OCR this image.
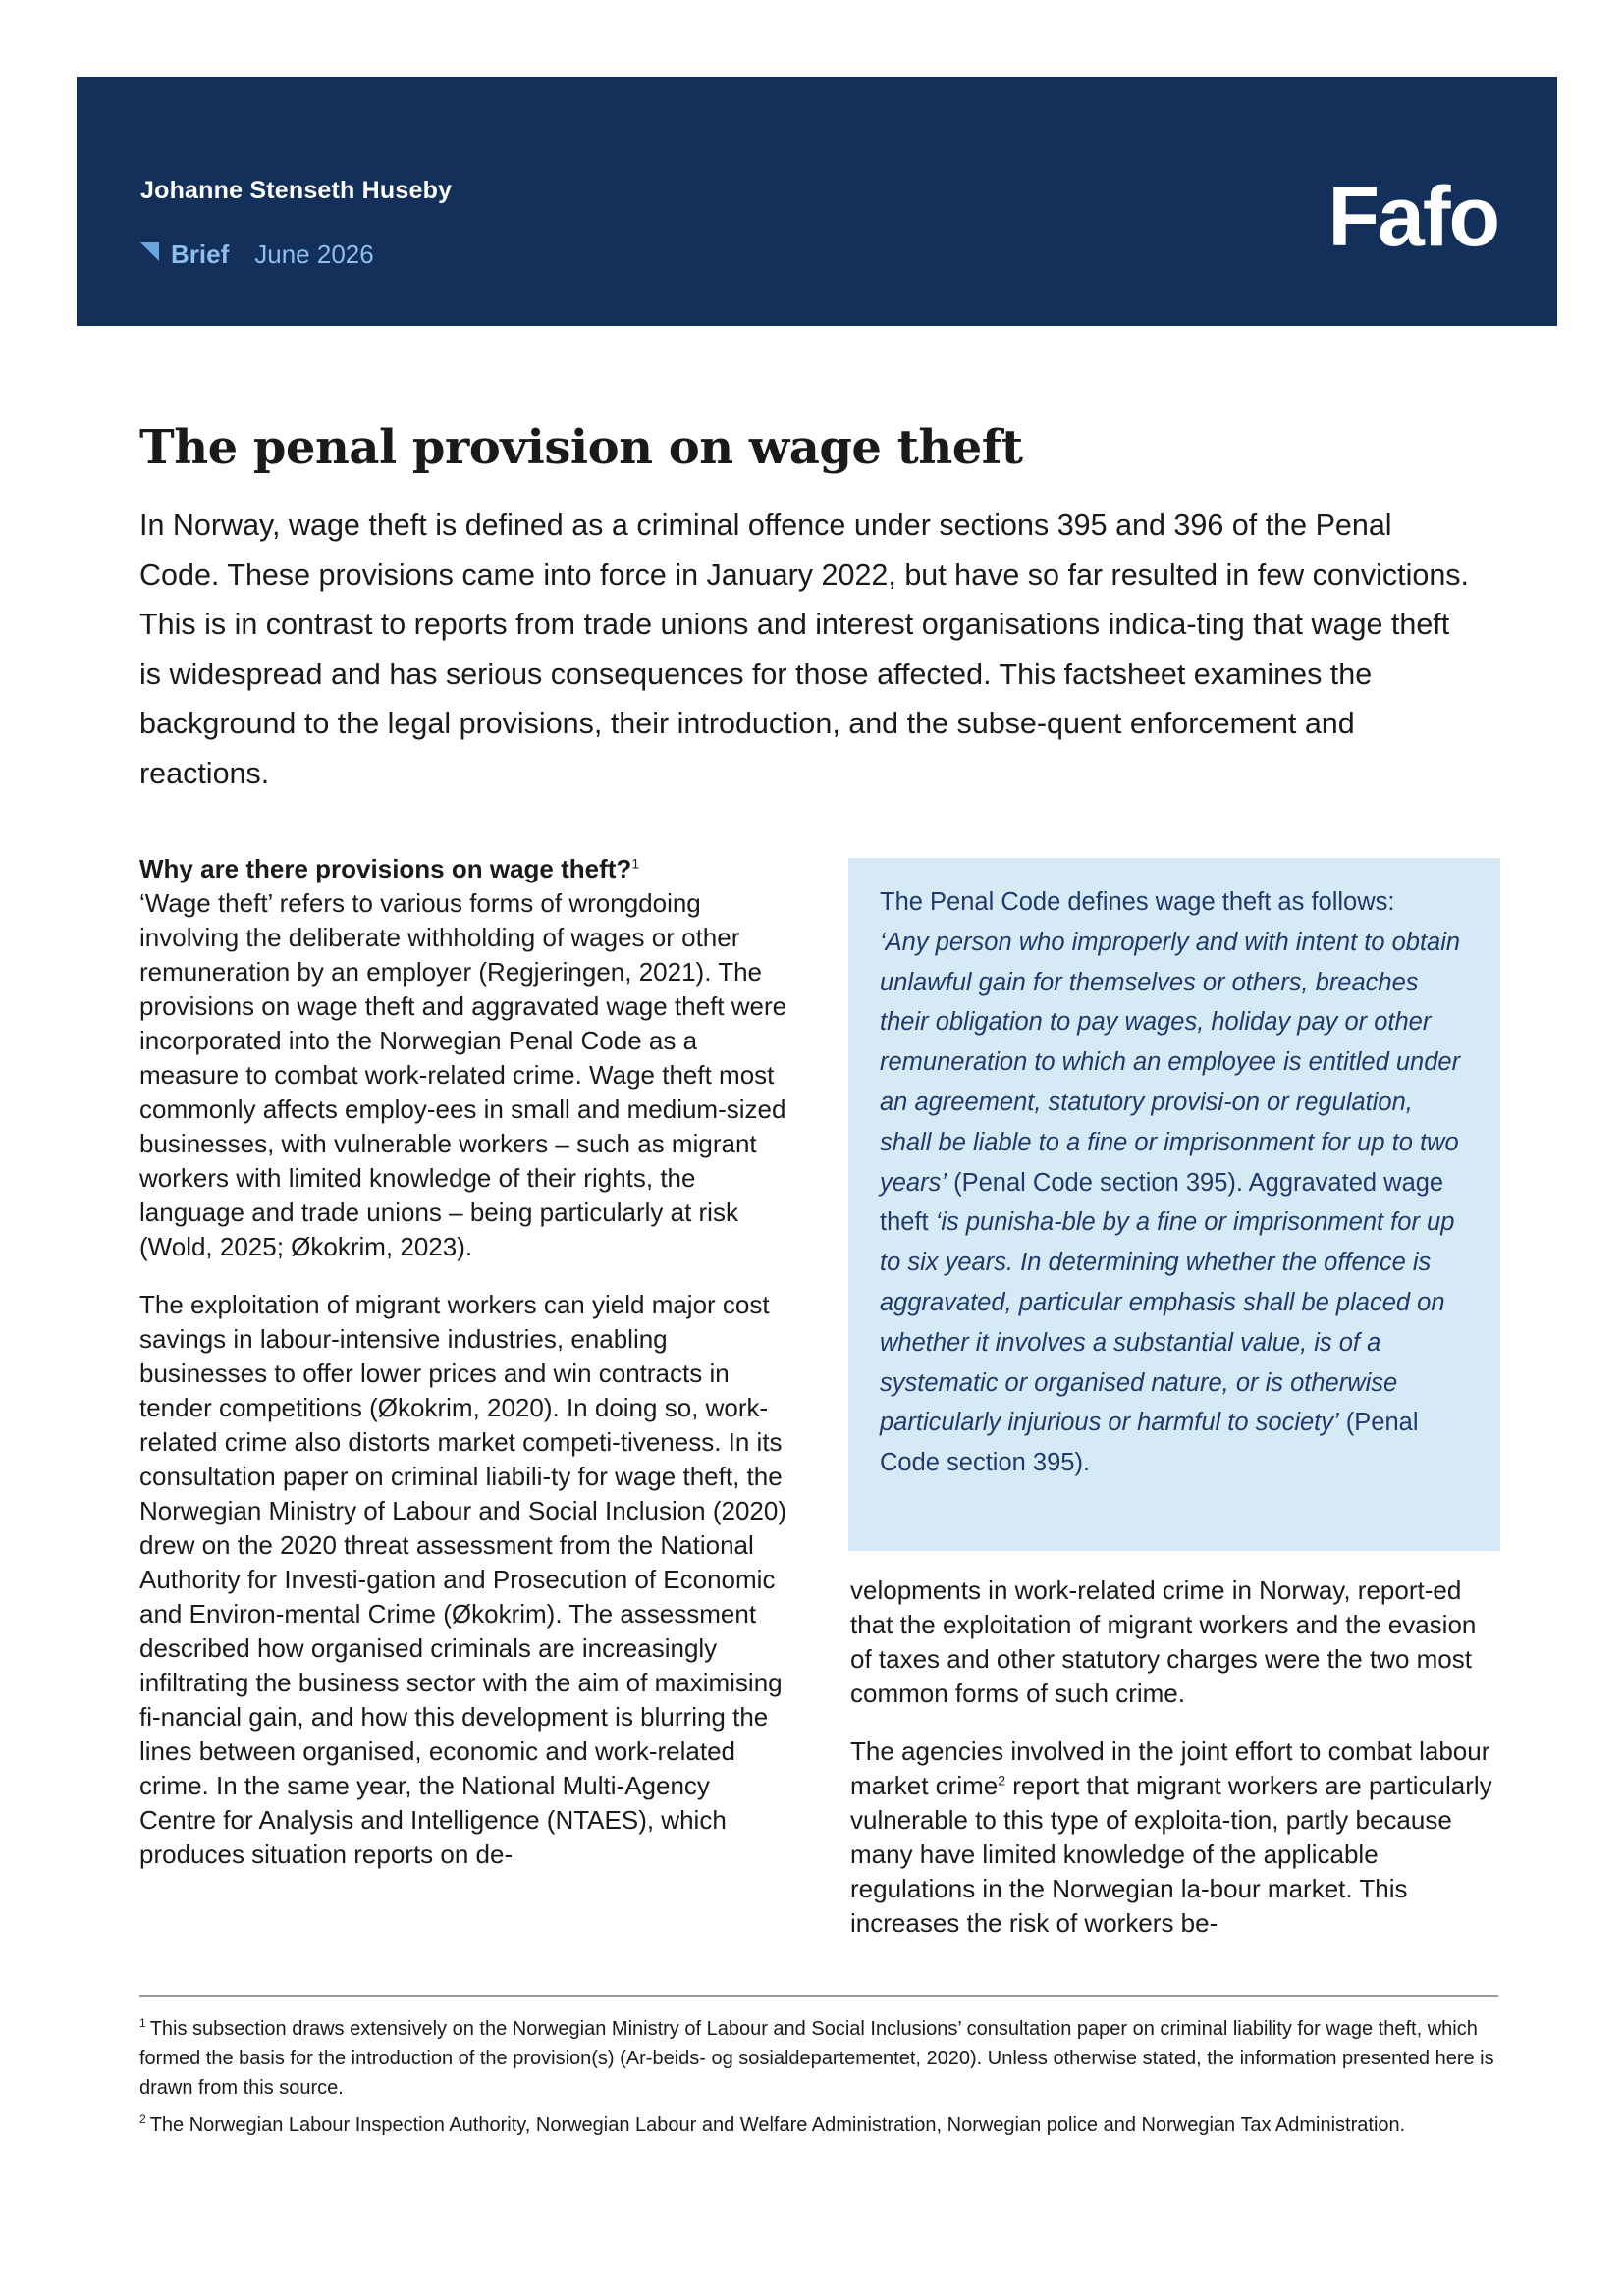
Johanne Stenseth Huseby
Brief June 2026	Fafo
The penal provision on wage theft

In Norway, wage theft is defined as a criminal offence under sections 395 and 396 of the Penal Code. These provisions came into force in January 2022, but have so far resulted in few convictions. This is in contrast to reports from trade unions and interest organisations indica-ting that wage theft is widespread and has serious consequences for those affected. This factsheet examines the background to the legal provisions, their introduction, and the subse-quent enforcement and reactions.

Why are there provisions on wage theft?$^1$

‘Wage theft’ refers to various forms of wrongdoing involving the deliberate withholding of wages or other remuneration by an employer (Regjeringen, 2021). The provisions on wage theft and aggravated wage theft were incorporated into the Norwegian Penal Code as a measure to combat work-related crime. Wage theft most commonly affects employ-ees in small and medium-sized businesses, with vulnerable workers – such as migrant workers with limited knowledge of their rights, the language and trade unions – being particularly at risk (Wold, 2025; Økokrim, 2023).

The exploitation of migrant workers can yield major cost savings in labour-intensive industries, enabling businesses to offer lower prices and win contracts in tender competitions (Økokrim, 2020). In doing so, work-related crime also distorts market competi-tiveness. In its consultation paper on criminal liabili-ty for wage theft, the Norwegian Ministry of Labour and Social Inclusion (2020) drew on the 2020 threat assessment from the National Authority for Investi-gation and Prosecution of Economic and Environ-mental Crime (Økokrim). The assessment described how organised criminals are increasingly infiltrating the business sector with the aim of maximising fi-nancial gain, and how this development is blurring the lines between organised, economic and work-related crime. In the same year, the National Multi-Agency Centre for Analysis and Intelligence (NTAES), which produces situation reports on de-

The Penal Code defines wage theft as follows:

‘Any person who improperly and with intent to obtain unlawful gain for themselves or others, breaches their obligation to pay wages, holiday pay or other remuneration to which an employee is entitled under an agreement, statutory provisi-on or regulation, shall be liable to a fine or imprisonment for up to two years’ (Penal Code section 395). Aggravated wage theft ‘is punisha-ble by a fine or imprisonment for up to six years. In determining whether the offence is aggravated, particular emphasis shall be placed on whether it involves a substantial value, is of a systematic or organised nature, or is otherwise particularly injurious or harmful to society’ (Penal Code section 395).

velopments in work-related crime in Norway, report-ed that the exploitation of migrant workers and the evasion of taxes and other statutory charges were the two most common forms of such crime.

The agencies involved in the joint effort to combat labour market crime$^2$ report that migrant workers are particularly vulnerable to this type of exploita-tion, partly because many have limited knowledge of the applicable regulations in the Norwegian la-bour market. This increases the risk of workers be-

$^1$ This subsection draws extensively on the Norwegian Ministry of Labour and Social Inclusions’ consultation paper on criminal liability for wage theft, which formed the basis for the introduction of the provision(s) (Ar-beids- og sosialdepartementet, 2020). Unless otherwise stated, the information presented here is drawn from this source.

$^2$ The Norwegian Labour Inspection Authority, Norwegian Labour and Welfare Administration, Norwegian police and Norwegian Tax Administration.
